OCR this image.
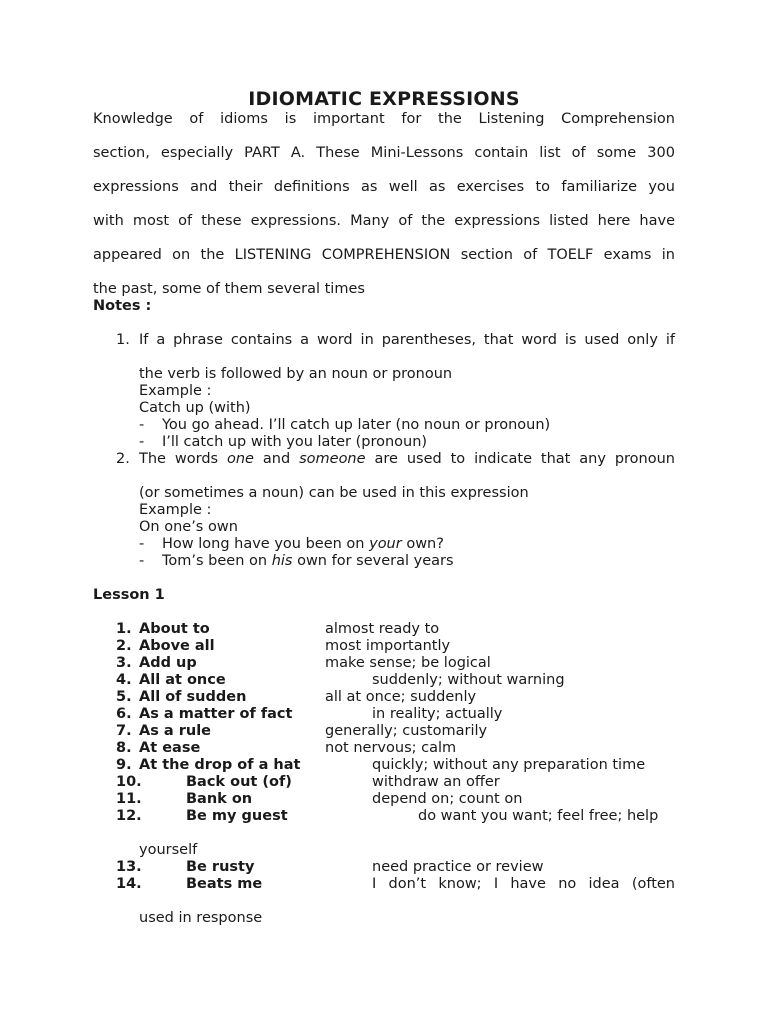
IDIOMATIC EXPRESSIONS
Knowledge of idioms is important for the Listening Comprehension
section, especially PART A. These Mini-Lessons contain list of some 300
expressions and their definitions as well as exercises to familiarize you
with most of these expressions. Many of the expressions listed here have
appeared on the LISTENING COMPREHENSION section of TOELF exams in
the past, some of them several times
Notes :
1. If a phrase contains a word in parentheses, that word is used only if
the verb is followed by an noun or pronoun
Example :
Catch up (with)
- You go ahead. I’ll catch up later (no noun or pronoun)
- I’ll catch up with you later (pronoun)
2. The words one and someone are used to indicate that any pronoun
(or sometimes a noun) can be used in this expression
Example :
On one’s own
- How long have you been on your own?
- Tom’s been on his own for several years
Lesson 1
1. About to	almost ready to
2. Above all	most importantly
3. Add up	make sense; be logical
4. All at once	suddenly; without warning
5. All of sudden	all at once; suddenly
6. As a matter of fact	in reality; actually
7. As a rule	generally; customarily
8. At ease	not nervous; calm
9. At the drop of a hat	quickly; without any preparation time
10.	Back out (of)	withdraw an offer
11.	Bank on	depend on; count on
12.	Be my guest	do want you want; feel free; help
yourself
13.	Be rusty	need practice or review
14.	Beats me	I don’t know; I have no idea (often
used in response
